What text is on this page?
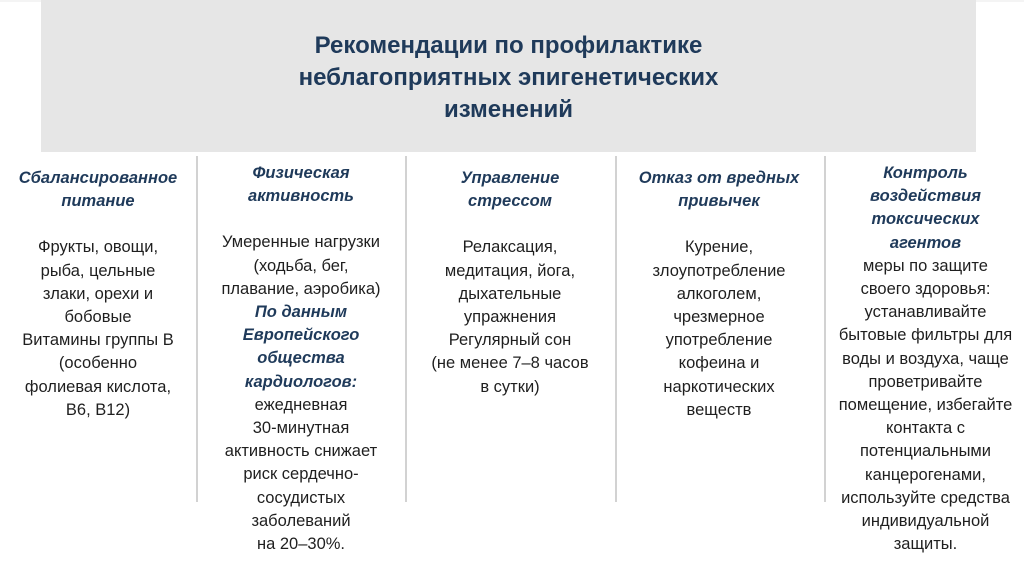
Рекомендации по профилактике
неблагоприятных эпигенетических
изменений
Сбалансированное
питание
Фрукты, овощи,
рыба, цельные
злаки, орехи и
бобовые
Витамины группы В
(особенно
фолиевая кислота,
В6, В12)
Физическая
активность
Умеренные нагрузки
(ходьба, бег,
плавание, аэробика)
По данным
Европейского
общества
кардиологов:
ежедневная
30-минутная
активность снижает
риск сердечно-
сосудистых
заболеваний
на 20–30%.
Управление
стрессом
Релаксация,
медитация, йога,
дыхательные
упражнения
Регулярный сон
(не менее 7–8 часов
в сутки)
Отказ от вредных
привычек
Курение,
злоупотребление
алкоголем,
чрезмерное
употребление
кофеина и
наркотических
веществ
Контроль
воздействия
токсических
агентов
меры по защите
своего здоровья:
устанавливайте
бытовые фильтры для
воды и воздуха, чаще
проветривайте
помещение, избегайте
контакта с
потенциальными
канцерогенами,
используйте средства
индивидуальной
защиты.
